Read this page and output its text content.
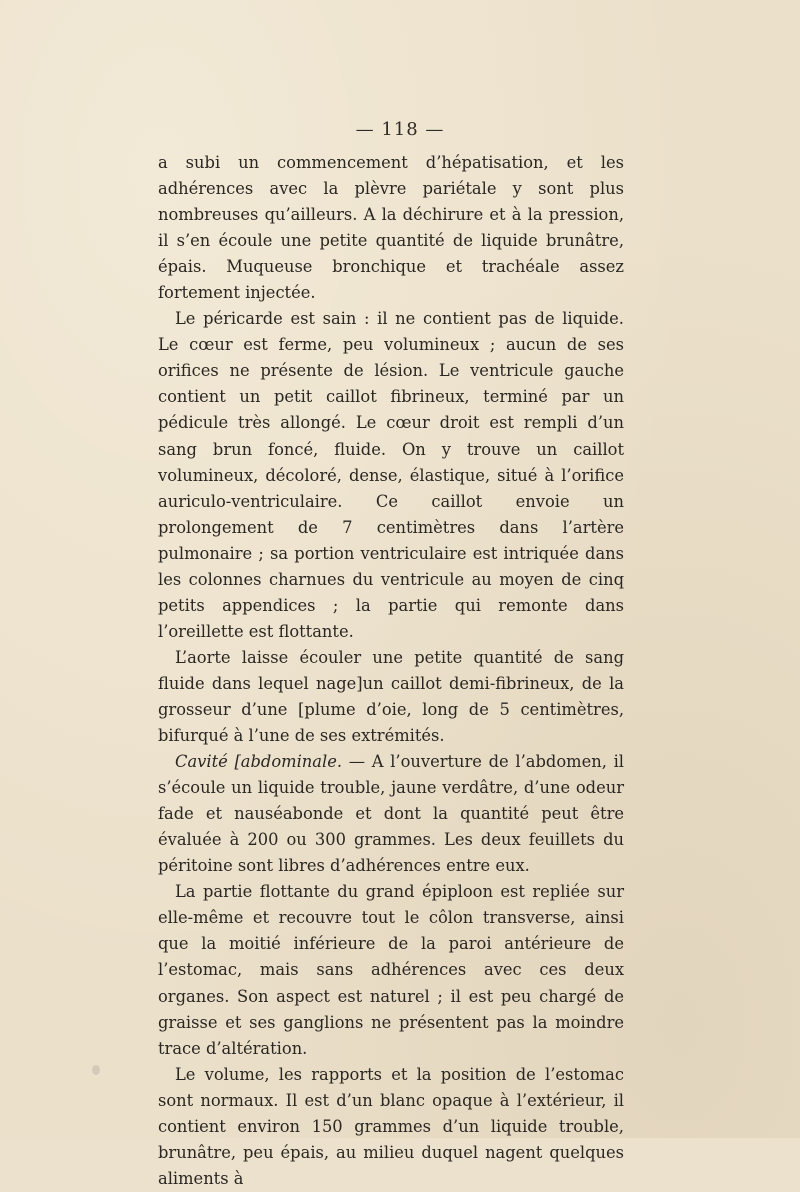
— 118 —

a subi un commencement d’hépatisation, et les adhérences avec la plèvre pariétale y sont plus nombreuses qu’ailleurs. A la déchirure et à la pression, il s’en écoule une petite quantité de liquide brunâtre, épais. Muqueuse bronchique et trachéale assez fortement injectée.

Le péricarde est sain : il ne contient pas de liquide. Le cœur est ferme, peu volumineux ; aucun de ses orifices ne présente de lésion. Le ventricule gauche contient un petit caillot fibrineux, terminé par un pédicule très allongé. Le cœur droit est rempli d’un sang brun foncé, fluide. On y trouve un caillot volumineux, décoloré, dense, élastique, situé à l’orifice auriculo-ventriculaire. Ce caillot envoie un prolongement de 7 centimètres dans l’artère pulmonaire ; sa portion ventriculaire est intriquée dans les colonnes charnues du ventricule au moyen de cinq petits appendices ; la partie qui remonte dans l’oreillette est flottante.

L’aorte laisse écouler une petite quantité de sang fluide dans lequel nage]un caillot demi-fibrineux, de la grosseur d’une [plume d’oie, long de 5 centimètres, bifurqué à l’une de ses extrémités.

Cavité [abdominale. — A l’ouverture de l’abdomen, il s’écoule un liquide trouble, jaune verdâtre, d’une odeur fade et nauséabonde et dont la quantité peut être évaluée à 200 ou 300 grammes. Les deux feuillets du péritoine sont libres d’adhérences entre eux.

La partie flottante du grand épiploon est repliée sur elle-même et recouvre tout le côlon transverse, ainsi que la moitié inférieure de la paroi antérieure de l’estomac, mais sans adhérences avec ces deux organes. Son aspect est naturel ; il est peu chargé de graisse et ses ganglions ne présentent pas la moindre trace d’altération.

Le volume, les rapports et la position de l’estomac sont normaux. Il est d’un blanc opaque à l’extérieur, il contient environ 150 grammes d’un liquide trouble, brunâtre, peu épais, au milieu duquel nagent quelques aliments à
